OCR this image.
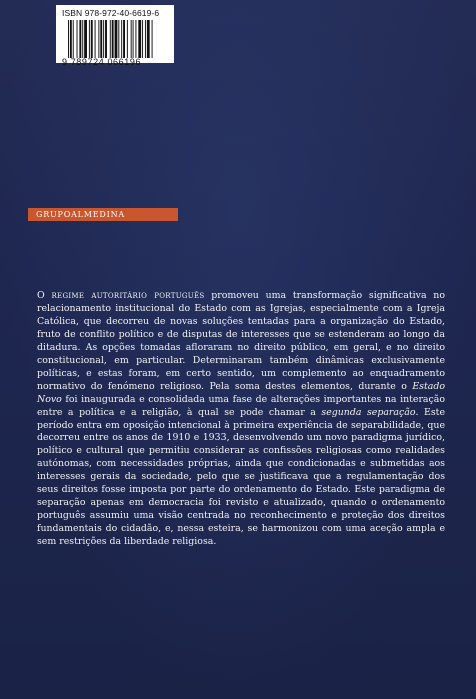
ISBN 978-972-40-6619-6
9 789724 066196
GRUPOALMEDINA

O regime autoritário português promoveu uma transformação significativa no relacionamento institucional do Estado com as Igrejas, especialmente com a Igreja Católica, que decorreu de novas soluções tentadas para a organização do Estado, fruto de conflito político e de disputas de interesses que se estenderam ao longo da ditadura. As opções tomadas afloraram no direito público, em geral, e no direito constitucional, em particular. Determinaram também dinâmicas exclusivamente políticas, e estas foram, em certo sentido, um complemento ao enquadramento normativo do fenómeno religioso. Pela soma destes elementos, durante o Estado Novo foi inaugurada e consolidada uma fase de alterações importantes na interação entre a política e a religião, à qual se pode chamar a segunda separação. Este período entra em oposição intencional à primeira experiência de separabilidade, que decorreu entre os anos de 1910 e 1933, desenvolvendo um novo paradigma jurídico, político e cultural que permitiu considerar as confissões religiosas como realidades autónomas, com necessidades próprias, ainda que condicionadas e submetidas aos interesses gerais da sociedade, pelo que se justificava que a regulamentação dos seus direitos fosse imposta por parte do ordenamento do Estado. Este paradigma de separação apenas em democracia foi revisto e atualizado, quando o ordenamento português assumiu uma visão centrada no reconhecimento e proteção dos direitos fundamentais do cidadão, e, nessa esteira, se harmonizou com uma aceção ampla e sem restrições da liberdade religiosa.
